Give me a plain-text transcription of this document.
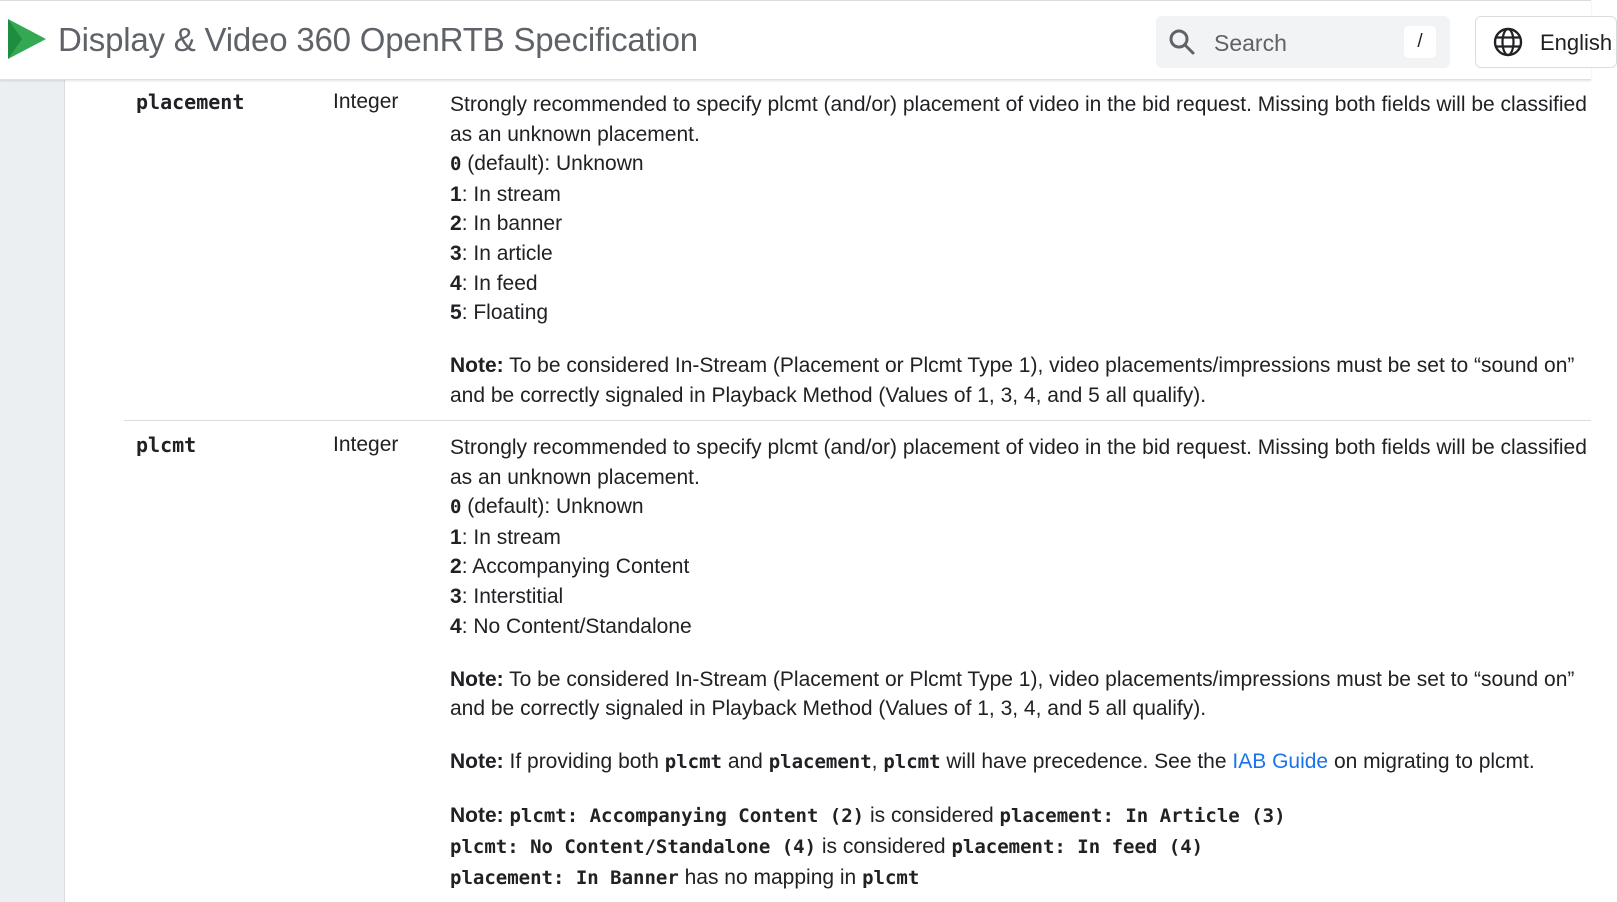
Display & Video 360 OpenRTB Specification	Search	/	English
placement	Integer Strongly recommended to specify plcmt (and/or) placement of video in the bid request. Missing both fields will be classified as an unknown placement.

0 (default): Unknown

1: In stream

2: In banner

3: In article

4: In feed

5: Floating

Note: To be considered In-Stream (Placement or Plcmt Type 1), video placements/impressions must be set to “sound on” and be correctly signaled in Playback Method (Values of 1, 3, 4, and 5 all qualify).

plcmt	Integer Strongly recommended to specify plcmt (and/or) placement of video in the bid request. Missing both fields will be classified as an unknown placement.

0 (default): Unknown

1: In stream

2: Accompanying Content

3: Interstitial

4: No Content/Standalone

Note: To be considered In-Stream (Placement or Plcmt Type 1), video placements/impressions must be set to “sound on” and be correctly signaled in Playback Method (Values of 1, 3, 4, and 5 all qualify).

Note: If providing both plcmt and placement, plcmt will have precedence. See the IAB Guide on migrating to plcmt.

Note: plcmt: Accompanying Content (2) is considered placement: In Article (3)

plcmt: No Content/Standalone (4) is considered placement: In feed (4)

placement: In Banner has no mapping in plcmt
